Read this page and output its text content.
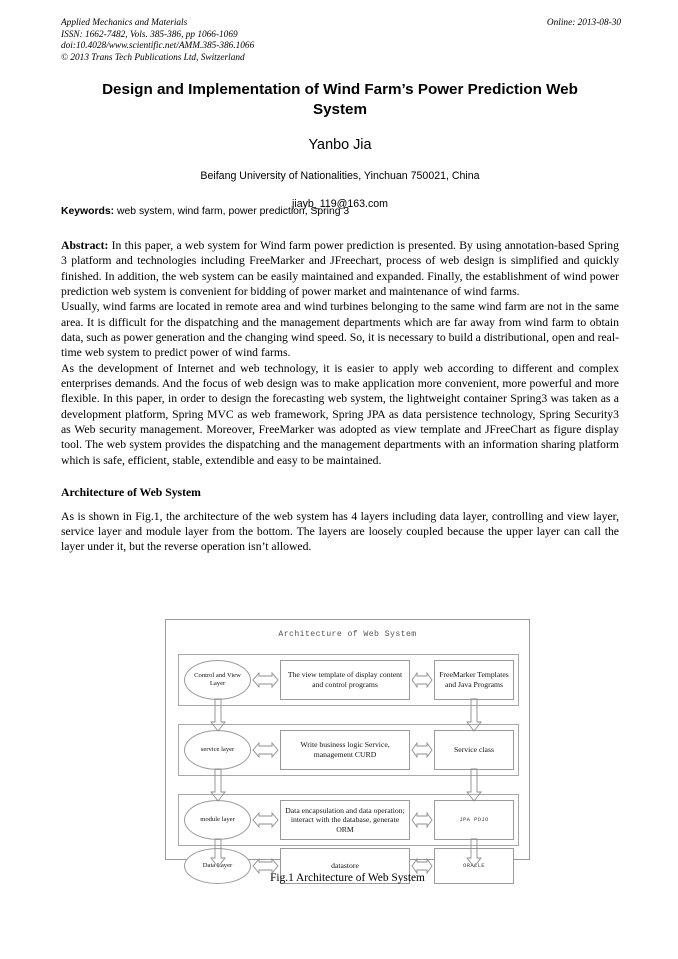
Applied Mechanics and Materials
ISSN: 1662-7482, Vols. 385-386, pp 1066-1069
doi:10.4028/www.scientific.net/AMM.385-386.1066
© 2013 Trans Tech Publications Ltd, Switzerland
Online: 2013-08-30
Design and Implementation of Wind Farm’s Power Prediction Web System
Yanbo Jia
Beifang University of Nationalities, Yinchuan 750021, China
jiayb_119@163.com
Keywords: web system, wind farm, power prediction, Spring 3

Abstract: In this paper, a web system for Wind farm power prediction is presented. By using annotation-based Spring 3 platform and technologies including FreeMarker and JFreechart, process of web design is simplified and quickly finished. In addition, the web system can be easily maintained and expanded. Finally, the establishment of wind power prediction web system is convenient for bidding of power market and maintenance of wind farms.

Usually, wind farms are located in remote area and wind turbines belonging to the same wind farm are not in the same area. It is difficult for the dispatching and the management departments which are far away from wind farm to obtain data, such as power generation and the changing wind speed. So, it is necessary to build a distributional, open and real-time web system to predict power of wind farms.

As the development of Internet and web technology, it is easier to apply web according to different and complex enterprises demands. And the focus of web design was to make application more convenient, more powerful and more flexible. In this paper, in order to design the forecasting web system, the lightweight container Spring3 was taken as a development platform, Spring MVC as web framework, Spring JPA as data persistence technology, Spring Security3 as Web security management. Moreover, FreeMarker was adopted as view template and JFreeChart as figure display tool. The web system provides the dispatching and the management departments with an information sharing platform which is safe, efficient, stable, extendible and easy to be maintained.

Architecture of Web System

As is shown in Fig.1, the architecture of the web system has 4 layers including data layer, controlling and view layer, service layer and module layer from the bottom. The layers are loosely coupled because the upper layer can call the layer under it, but the reverse operation isn’t allowed.

Architecture of Web System
Control and View Layer
The view template of display content and control programs
FreeMarker Templates and Java Programs
service layer
Write business logic Service, management CURD
Service class
module layer
Data encapsulation and data operation; interact with the database, generate ORM
JPA POJO
Data Layer	datastore	ORACLE
Fig.1 Architecture of Web System
